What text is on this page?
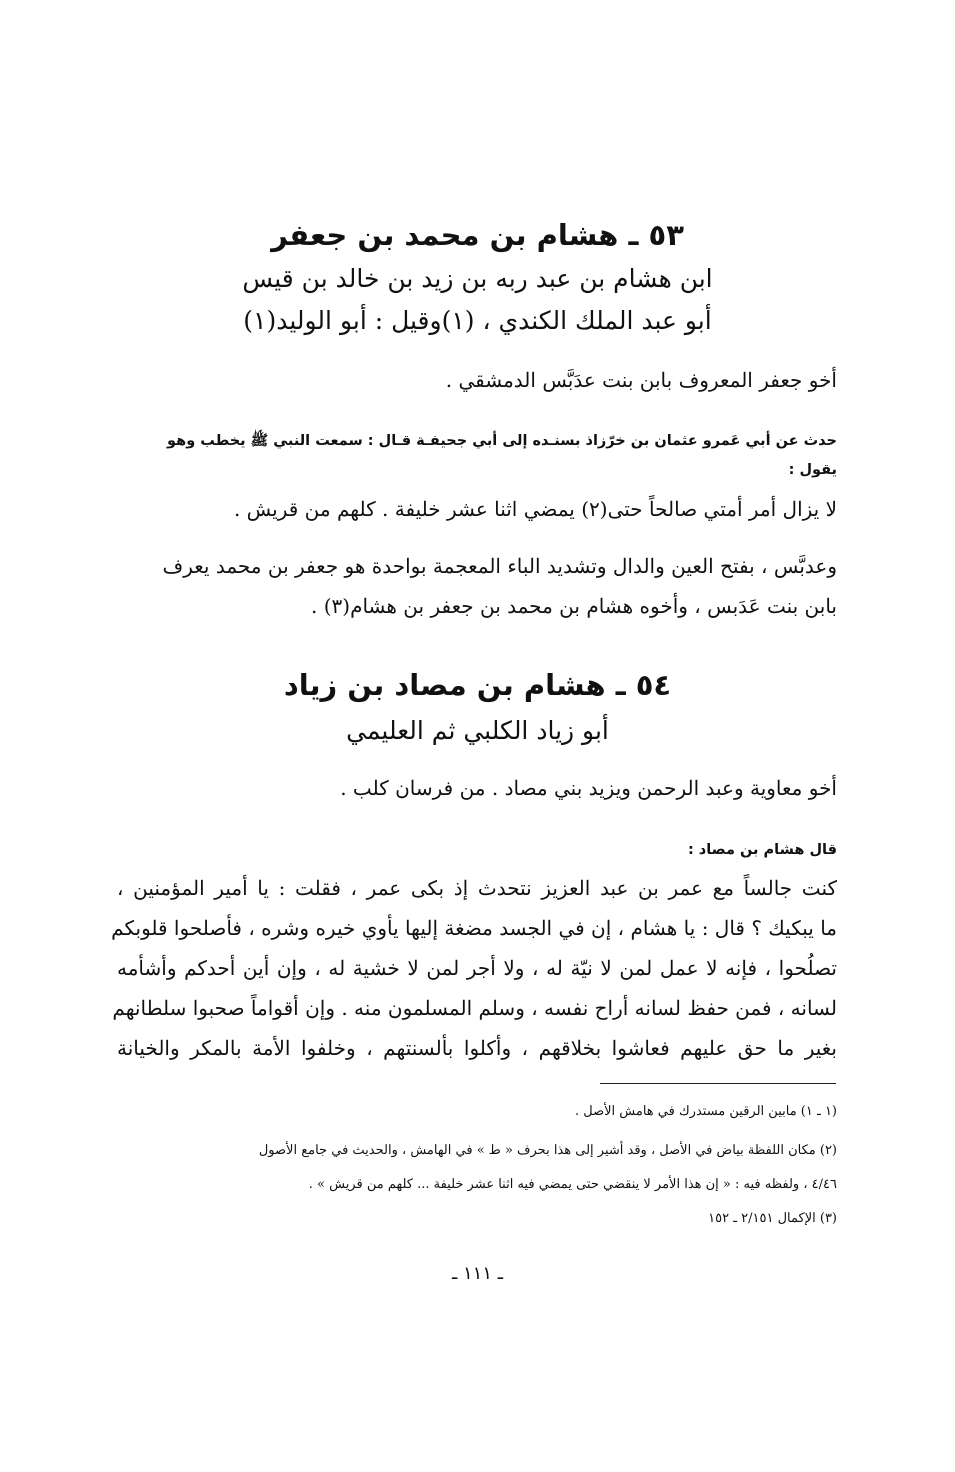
٥٣ ـ هشام بن محمد بن جعفر
ابن هشام بن عبد ربه بن زيد بن خالد بن قيس
أبو عبد الملك الكندي ، (١)وقيل : أبو الوليد(١)
أخو جعفر المعروف بابن بنت عدَبَّس الدمشقي .
حدث عن أبي عَمرو عثمان بن خرّزاذ بسنـده إلى أبي جحيفـة قـال : سمعت النبي ﷺ يخطب وهو
يقول :
لا يزال أمر أمتي صالحاً حتى(٢) يمضي اثنا عشر خليفة . كلهم من قريش .
وعدبَّس ، بفتح العين والدال وتشديد الباء المعجمة بواحدة هو جعفر بن محمد يعرف
بابن بنت عَدَبس ، وأخوه هشام بن محمد بن جعفر بن هشام(٣) .
٥٤ ـ هشام بن مصاد بن زياد
أبو زياد الكلبي ثم العليمي
أخو معاوية وعبد الرحمن ويزيد بني مصاد . من فرسان كلب .
قال هشام بن مصاد :
كنت جالساً مع عمر بن عبد العزيز نتحدث إذ بكى عمر ، فقلت : يا أمير المؤمنين ،
ما يبكيك ؟ قال : يا هشام ، إن في الجسد مضغة إليها يأوي خيره وشره ، فأصلحوا قلوبكم
تصلُحوا ، فإنه لا عمل لمن لا نيّة له ، ولا أجر لمن لا خشية له ، وإن أين أحدكم وأشأمه
لسانه ، فمن حفظ لسانه أراح نفسه ، وسلم المسلمون منه . وإن أقواماً صحبوا سلطانهم
بغير ما حق عليهم فعاشوا بخلاقهم ، وأكلوا بألسنتهم ، وخلفوا الأمة بالمكر والخيانة
(١ ـ ١) مابين الرقين مستدرك في هامش الأصل .
(٢) مكان اللفظة بياض في الأصل ، وقد أشير إلى هذا بحرف « ط » في الهامش ، والحديث في جامع الأصول
٤/٤٦ ، ولفظه فيه : « إن هذا الأمر لا ينقضي حتى يمضي فيه اثنا عشر خليفة ... كلهم من قريش » .
(٣) الإكمال ٢/١٥١ ـ ١٥٢
ـ ١١١ ـ
